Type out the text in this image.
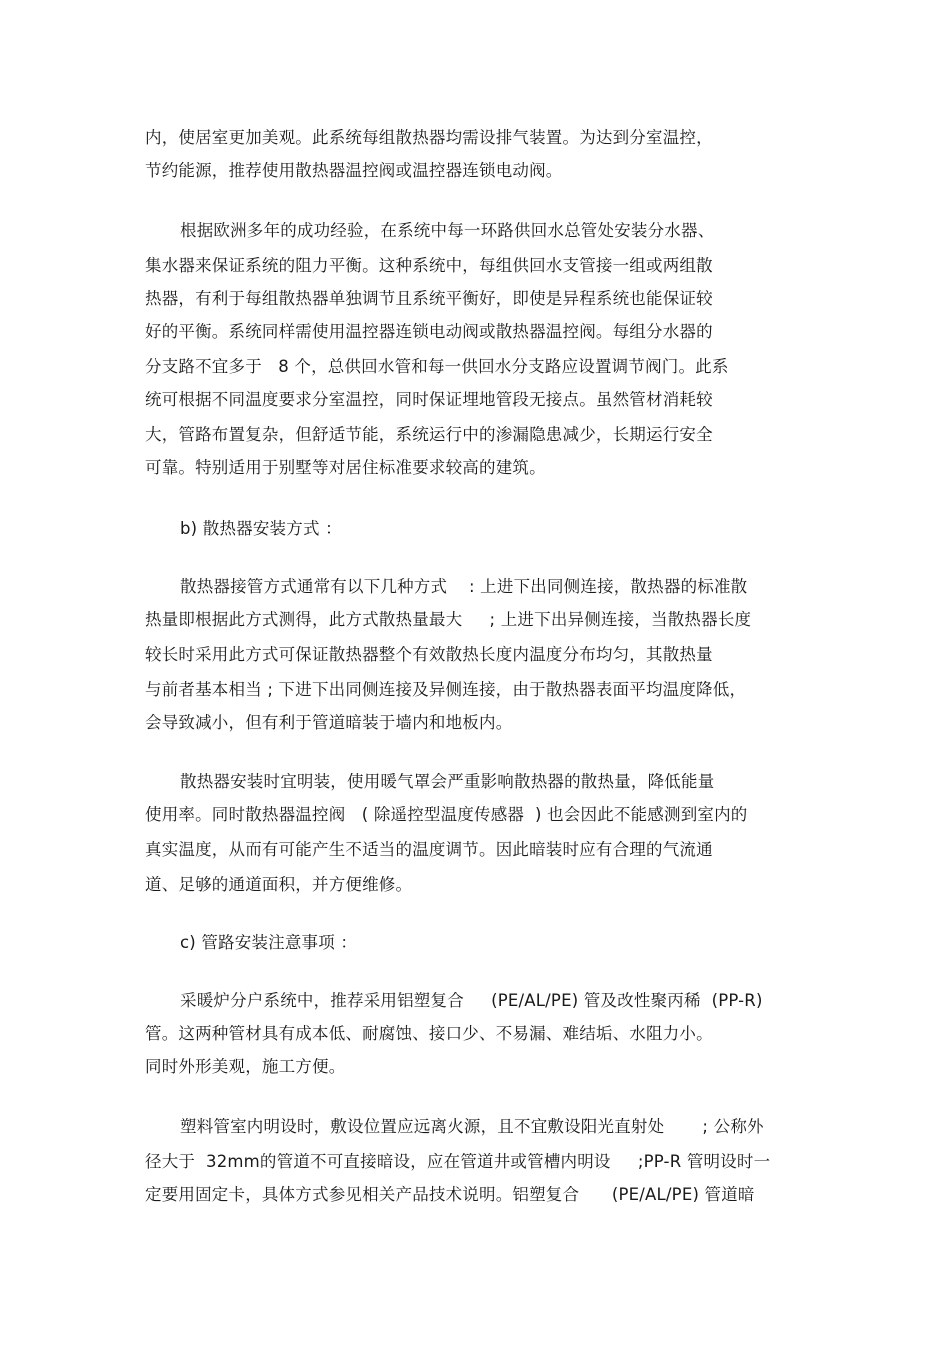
内，使居室更加美观。此系统每组散热器均需设排气装置。为达到分室温控，
节约能源，推荐使用散热器温控阀或温控器连锁电动阀。
根据欧洲多年的成功经验，在系统中每一环路供回水总管处安装分水器、
集水器来保证系统的阻力平衡。这种系统中，每组供回水支管接一组或两组散
热器，有利于每组散热器单独调节且系统平衡好，即使是异程系统也能保证较
好的平衡。系统同样需使用温控器连锁电动阀或散热器温控阀。每组分水器的
分支路不宜多于   8 个，总供回水管和每一供回水分支路应设置调节阀门。此系
统可根据不同温度要求分室温控，同时保证埋地管段无接点。虽然管材消耗较
大，管路布置复杂，但舒适节能，系统运行中的渗漏隐患减少，长期运行安全
可靠。特别适用于别墅等对居住标准要求较高的建筑。
b) 散热器安装方式 ：
散热器接管方式通常有以下几种方式    : 上进下出同侧连接，散热器的标准散
热量即根据此方式测得，此方式散热量最大     ; 上进下出异侧连接，当散热器长度
较长时采用此方式可保证散热器整个有效散热长度内温度分布均匀，其散热量
与前者基本相当 ; 下进下出同侧连接及异侧连接，由于散热器表面平均温度降低，
会导致减小，但有利于管道暗装于墙内和地板内。
散热器安装时宜明装，使用暖气罩会严重影响散热器的散热量，降低能量
使用率。同时散热器温控阀   ( 除遥控型温度传感器  ) 也会因此不能感测到室内的
真实温度，从而有可能产生不适当的温度调节。因此暗装时应有合理的气流通
道、足够的通道面积，并方便维修。
c) 管路安装注意事项 ：
采暖炉分户系统中，推荐采用铝塑复合     (PE/AL/PE) 管及改性聚丙稀  (PP-R)
管。这两种管材具有成本低、耐腐蚀、接口少、不易漏、难结垢、水阻力小。
同时外形美观，施工方便。
塑料管室内明设时，敷设位置应远离火源，且不宜敷设阳光直射处       ; 公称外
径大于  32mm的管道不可直接暗设，应在管道井或管槽内明设     ;PP-R 管明设时一
定要用固定卡，具体方式参见相关产品技术说明。铝塑复合      (PE/AL/PE) 管道暗
